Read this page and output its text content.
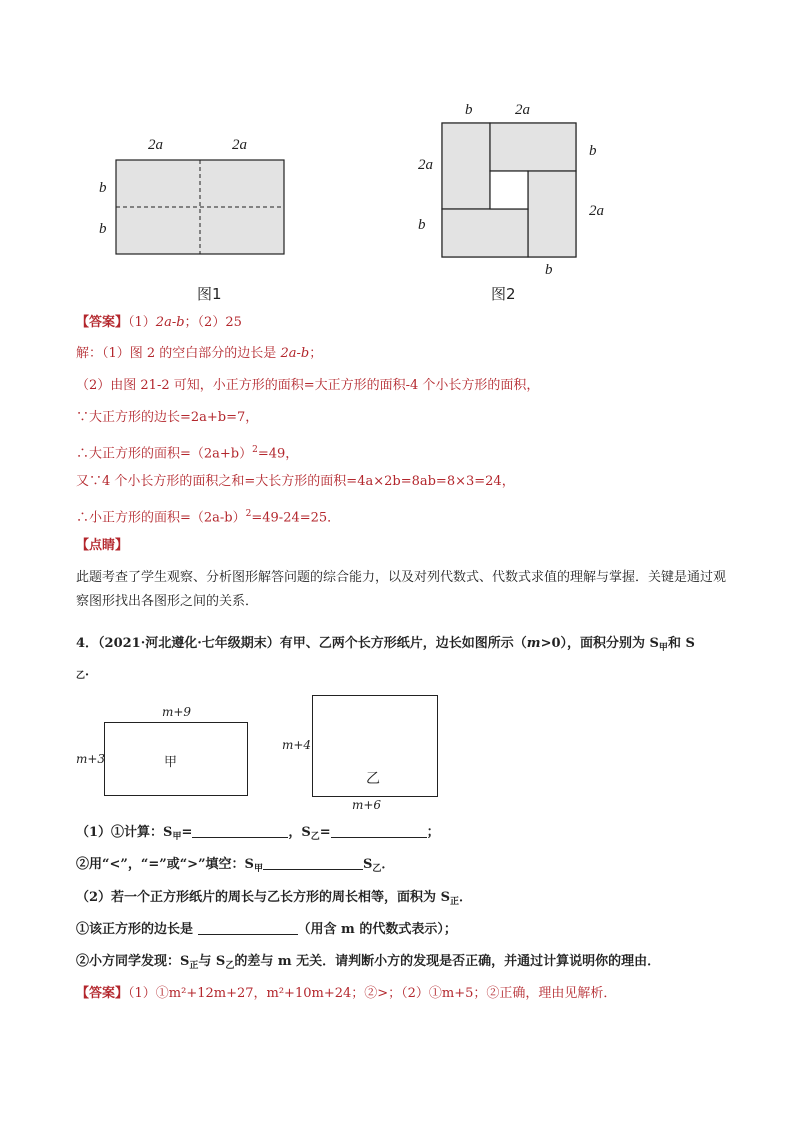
2a	2a
b
b
图1
b	2a
b
2a
2a
b
b
图2
【答案】（1）2a-b；（2）25
解：（1）图 2 的空白部分的边长是 2a-b；
（2）由图 21-2 可知，小正方形的面积=大正方形的面积-4 个小长方形的面积，
∵大正方形的边长=2a+b=7，
∴大正方形的面积$=(2a+b)^2=49$，
又∵4 个小长方形的面积之和=大长方形的面积=4a×2b=8ab=8×3=24，
∴小正方形的面积$=(2a-b)^2=49-24=25$．
【点睛】
此题考查了学生观察、分析图形解答问题的综合能力，以及对列代数式、代数式求值的理解与掌握．关键是通过观察图形找出各图形之间的关系．
4．（2021·河北遵化·七年级期末）有甲、乙两个长方形纸片，边长如图所示（m>0），面积分别为 $S_甲$和 S
$_乙$．
甲
m+9
m+3
乙
m+4
m+6
（1）①计算：$S_甲=$	，$S_乙=$	；
②用“<”，“=”或“>”填空：$S_甲$	$S_乙$．
（2）若一个正方形纸片的周长与乙长方形的周长相等，面积为 $S_正$．
①该正方形的边长是	（用含 m 的代数式表示）；
②小方同学发现：$S_正$与 $S_乙$的差与 m 无关．请判断小方的发现是否正确，并通过计算说明你的理由．
【答案】（1）①m²+12m+27，m²+10m+24；②>；（2）①m+5；②正确，理由见解析．
